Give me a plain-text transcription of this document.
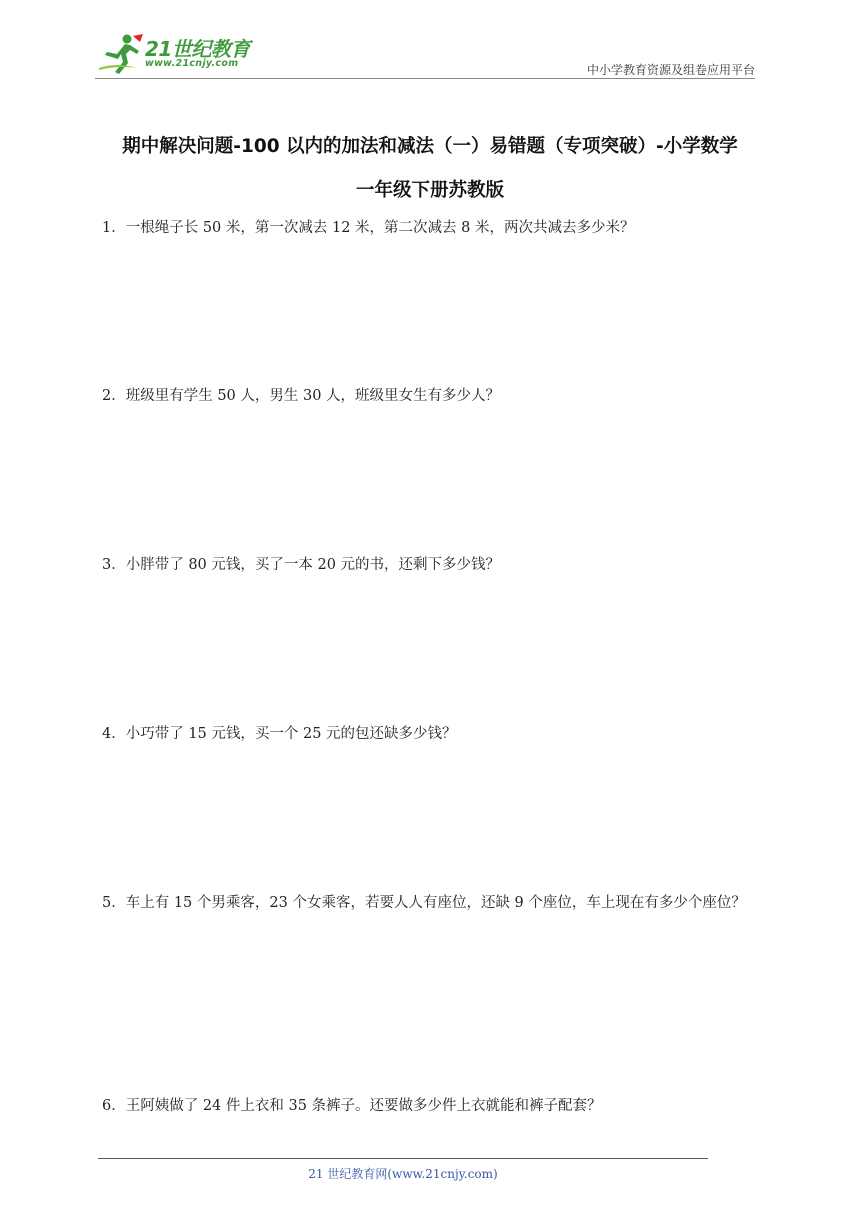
21世纪教育
www.21cnjy.com	中小学教育资源及组卷应用平台
期中解决问题-100 以内的加法和减法（一）易错题（专项突破）-小学数学
一年级下册苏教版
1．一根绳子长 50 米，第一次减去 12 米，第二次减去 8 米，两次共减去多少米？
2．班级里有学生 50 人，男生 30 人，班级里女生有多少人？
3．小胖带了 80 元钱，买了一本 20 元的书，还剩下多少钱？
4．小巧带了 15 元钱，买一个 25 元的包还缺多少钱？
5．车上有 15 个男乘客，23 个女乘客，若要人人有座位，还缺 9 个座位，车上现在有多少个座位？
6．王阿姨做了 24 件上衣和 35 条裤子。还要做多少件上衣就能和裤子配套？
21 世纪教育网(www.21cnjy.com)
